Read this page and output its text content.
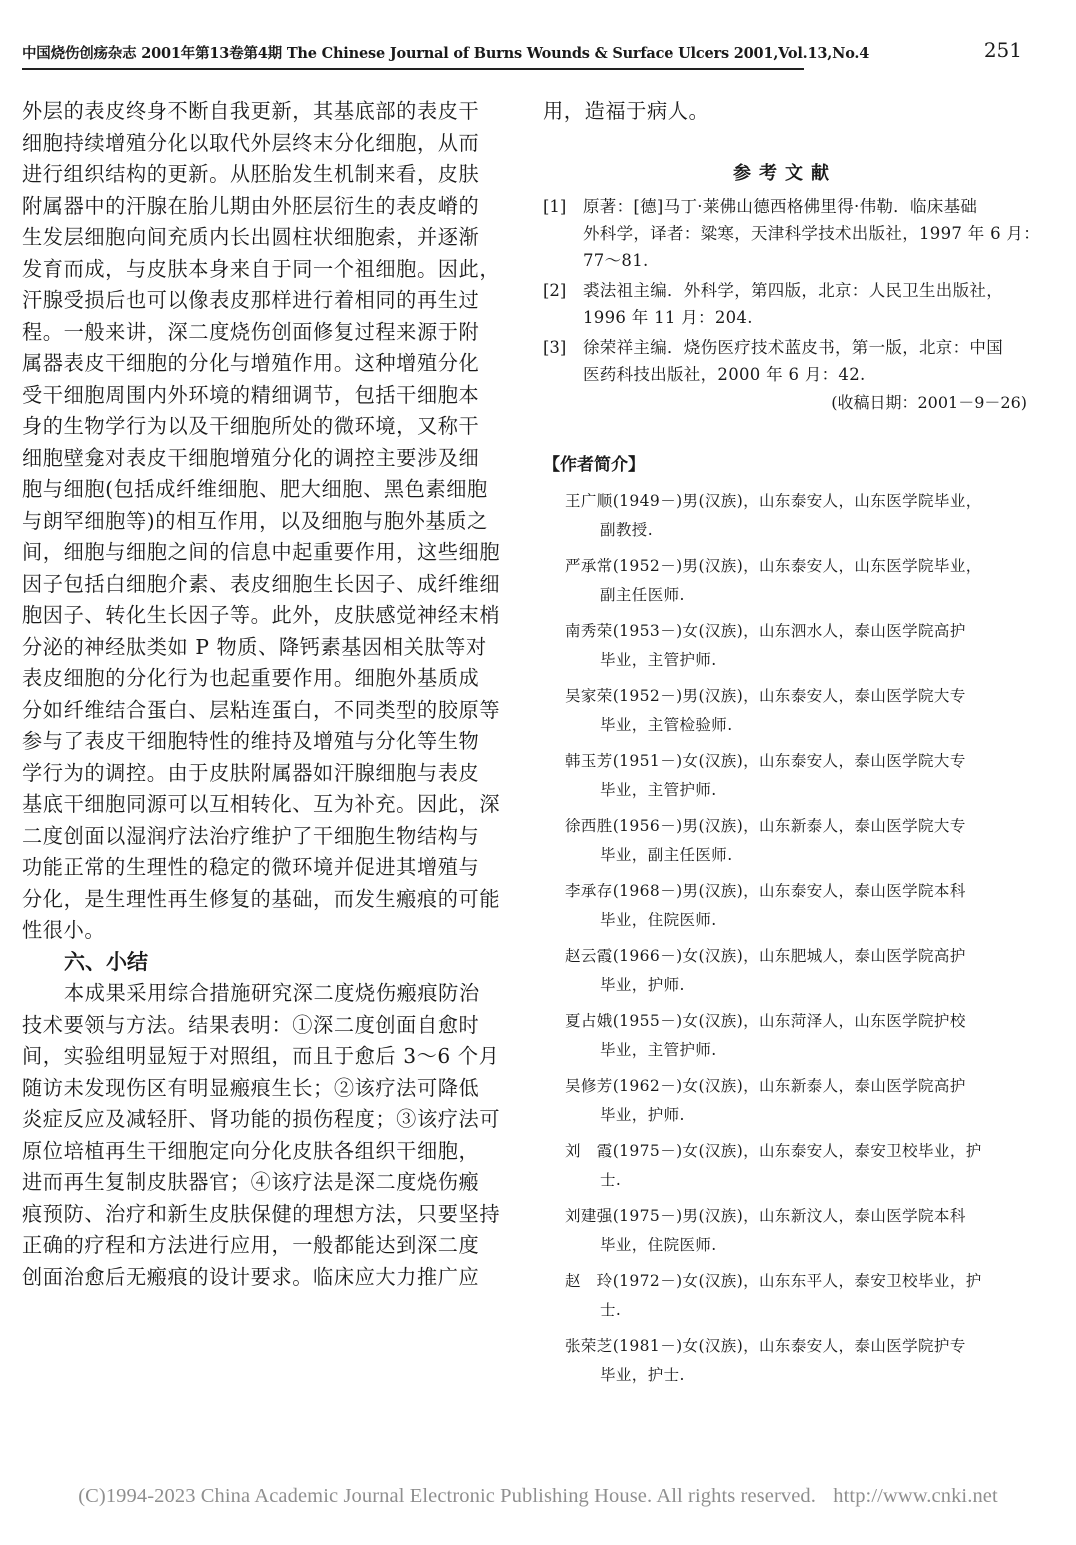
中国烧伤创疡杂志 2001年第13卷第4期 The Chinese Journal of Burns Wounds & Surface Ulcers 2001,Vol.13,No.4	251
外层的表皮终身不断自我更新，其基底部的表皮干
细胞持续增殖分化以取代外层终末分化细胞，从而
进行组织结构的更新。从胚胎发生机制来看，皮肤
附属器中的汗腺在胎儿期由外胚层衍生的表皮嵴的
生发层细胞向间充质内长出圆柱状细胞索，并逐渐
发育而成，与皮肤本身来自于同一个祖细胞。因此，
汗腺受损后也可以像表皮那样进行着相同的再生过
程。一般来讲，深二度烧伤创面修复过程来源于附
属器表皮干细胞的分化与增殖作用。这种增殖分化
受干细胞周围内外环境的精细调节，包括干细胞本
身的生物学行为以及干细胞所处的微环境，又称干
细胞壁龛对表皮干细胞增殖分化的调控主要涉及细
胞与细胞(包括成纤维细胞、肥大细胞、黑色素细胞
与朗罕细胞等)的相互作用，以及细胞与胞外基质之
间，细胞与细胞之间的信息中起重要作用，这些细胞
因子包括白细胞介素、表皮细胞生长因子、成纤维细
胞因子、转化生长因子等。此外，皮肤感觉神经末梢
分泌的神经肽类如 P 物质、降钙素基因相关肽等对
表皮细胞的分化行为也起重要作用。细胞外基质成
分如纤维结合蛋白、层粘连蛋白，不同类型的胶原等
参与了表皮干细胞特性的维持及增殖与分化等生物
学行为的调控。由于皮肤附属器如汗腺细胞与表皮
基底干细胞同源可以互相转化、互为补充。因此，深
二度创面以湿润疗法治疗维护了干细胞生物结构与
功能正常的生理性的稳定的微环境并促进其增殖与
分化，是生理性再生修复的基础，而发生瘢痕的可能
性很小。
六、小结
本成果采用综合措施研究深二度烧伤瘢痕防治
技术要领与方法。结果表明：①深二度创面自愈时
间，实验组明显短于对照组，而且于愈后 3～6 个月
随访未发现伤区有明显瘢痕生长；②该疗法可降低
炎症反应及减轻肝、肾功能的损伤程度；③该疗法可
原位培植再生干细胞定向分化皮肤各组织干细胞，
进而再生复制皮肤器官；④该疗法是深二度烧伤瘢
痕预防、治疗和新生皮肤保健的理想方法，只要坚持
正确的疗程和方法进行应用，一般都能达到深二度
创面治愈后无瘢痕的设计要求。临床应大力推广应
用，造福于病人。
参考文献
[1] 原著：[德]马丁·莱佛山德西格佛里得·伟勒．临床基础
外科学，译者：粱寒，天津科学技术出版社，1997 年 6 月：
77～81.
[2] 裘法祖主编．外科学，第四版，北京：人民卫生出版社，
1996 年 11 月：204.
[3] 徐荣祥主编．烧伤医疗技术蓝皮书，第一版，北京：中国
医药科技出版社，2000 年 6 月：42.
(收稿日期：2001－9－26)
【作者简介】
王广顺(1949－)男(汉族)，山东泰安人，山东医学院毕业，
副教授.
严承常(1952－)男(汉族)，山东泰安人，山东医学院毕业，
副主任医师.
南秀荣(1953－)女(汉族)，山东泗水人，泰山医学院高护
毕业，主管护师.
吴家荣(1952－)男(汉族)，山东泰安人，泰山医学院大专
毕业，主管检验师.
韩玉芳(1951－)女(汉族)，山东泰安人，泰山医学院大专
毕业，主管护师.
徐西胜(1956－)男(汉族)，山东新泰人，泰山医学院大专
毕业，副主任医师.
李承存(1968－)男(汉族)，山东泰安人，泰山医学院本科
毕业，住院医师.
赵云霞(1966－)女(汉族)，山东肥城人，泰山医学院高护
毕业，护师.
夏占娥(1955－)女(汉族)，山东菏泽人，山东医学院护校
毕业，主管护师.
吴修芳(1962－)女(汉族)，山东新泰人，泰山医学院高护
毕业，护师.
刘　霞(1975－)女(汉族)，山东泰安人，泰安卫校毕业，护
士.
刘建强(1975－)男(汉族)，山东新汶人，泰山医学院本科
毕业，住院医师.
赵　玲(1972－)女(汉族)，山东东平人，泰安卫校毕业，护
士.
张荣芝(1981－)女(汉族)，山东泰安人，泰山医学院护专
毕业，护士.
(C)1994-2023 China Academic Journal Electronic Publishing House. All rights reserved. http://www.cnki.net
